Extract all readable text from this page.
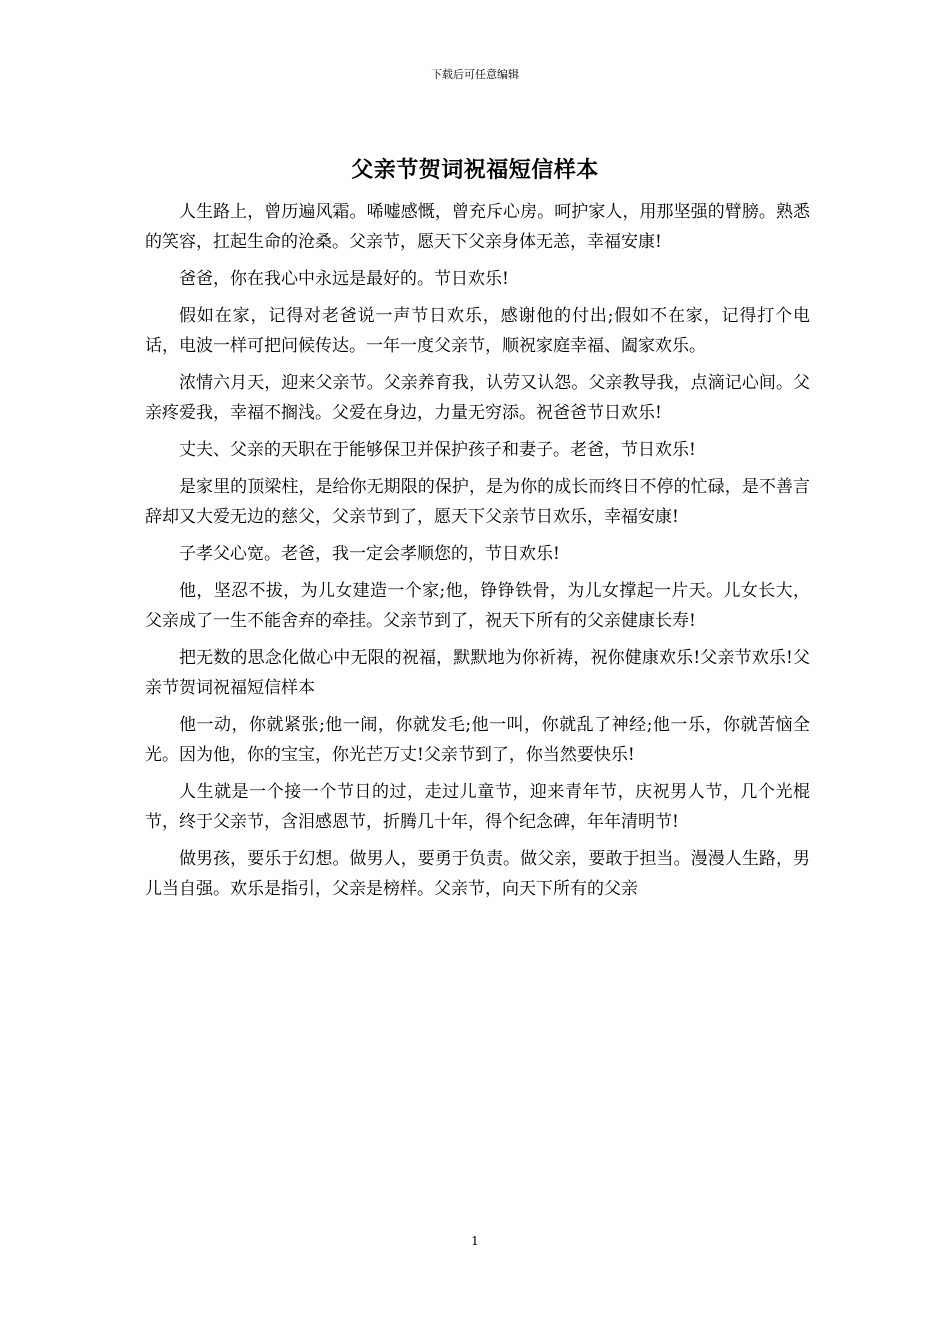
下载后可任意编辑
父亲节贺词祝福短信样本

人生路上，曾历遍风霜。唏嘘感慨，曾充斥心房。呵护家人，用那坚强的臂膀。熟悉的笑容，扛起生命的沧桑。父亲节，愿天下父亲身体无恙，幸福安康!

爸爸，你在我心中永远是最好的。节日欢乐!

假如在家，记得对老爸说一声节日欢乐，感谢他的付出;假如不在家，记得打个电话，电波一样可把问候传达。一年一度父亲节，顺祝家庭幸福、阖家欢乐。

浓情六月天，迎来父亲节。父亲养育我，认劳又认怨。父亲教导我，点滴记心间。父亲疼爱我，幸福不搁浅。父爱在身边，力量无穷添。祝爸爸节日欢乐!

丈夫、父亲的天职在于能够保卫并保护孩子和妻子。老爸，节日欢乐!

是家里的顶梁柱，是给你无期限的保护，是为你的成长而终日不停的忙碌，是不善言辞却又大爱无边的慈父，父亲节到了，愿天下父亲节日欢乐，幸福安康!

子孝父心宽。老爸，我一定会孝顺您的，节日欢乐!

他，坚忍不拔，为儿女建造一个家;他，铮铮铁骨，为儿女撑起一片天。儿女长大，父亲成了一生不能舍弃的牵挂。父亲节到了，祝天下所有的父亲健康长寿!

把无数的思念化做心中无限的祝福，默默地为你祈祷，祝你健康欢乐!父亲节欢乐!父亲节贺词祝福短信样本

他一动，你就紧张;他一闹，你就发毛;他一叫，你就乱了神经;他一乐，你就苦恼全光。因为他，你的宝宝，你光芒万丈!父亲节到了，你当然要快乐!

人生就是一个接一个节日的过，走过儿童节，迎来青年节，庆祝男人节，几个光棍节，终于父亲节，含泪感恩节，折腾几十年，得个纪念碑，年年清明节!

做男孩，要乐于幻想。做男人，要勇于负责。做父亲，要敢于担当。漫漫人生路，男儿当自强。欢乐是指引，父亲是榜样。父亲节，向天下所有的父亲

1
